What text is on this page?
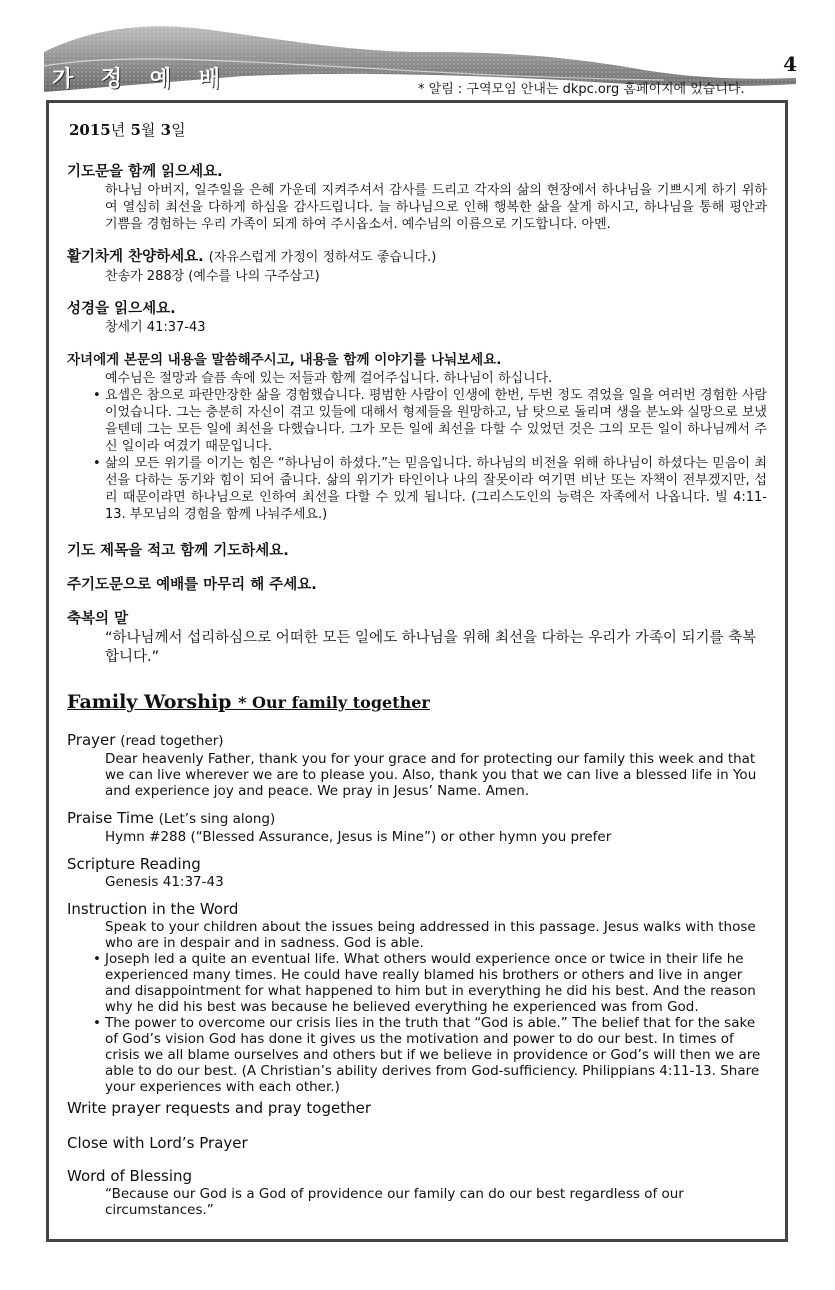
가 정 예 배
4
* 알림 : 구역모임 안내는 dkpc.org 홈페이지에 있습니다.
2015년 5월 3일
기도문을 함께 읽으세요.
하나님 아버지, 일주일을 은혜 가운데 지켜주셔서 감사를 드리고 각자의 삶의 현장에서 하나님을 기쁘시게 하기 위하여 열심히 최선을 다하게 하심을 감사드립니다. 늘 하나님으로 인해 행복한 삶을 살게 하시고, 하나님을 통해 평안과 기쁨을 경험하는 우리 가족이 되게 하여 주시옵소서. 예수님의 이름으로 기도합니다. 아멘.
활기차게 찬양하세요. (자유스럽게 가정이 정하셔도 좋습니다.)
찬송가 288장 (예수를 나의 구주삼고)
성경을 읽으세요.
창세기 41:37-43
자녀에게 본문의 내용을 말씀해주시고, 내용을 함께 이야기를 나눠보세요.
예수님은 절망과 슬픔 속에 있는 저들과 함께 걸어주십니다. 하나님이 하십니다.
• 요셉은 참으로 파란만장한 삶을 경험했습니다. 평범한 사람이 인생에 한번, 두번 정도 겪었을 일을 여러번 경험한 사람이었습니다. 그는 충분히 자신이 겪고 있들에 대해서 형제들을 원망하고, 남 탓으로 돌리며 생을 분노와 실망으로 보냈을텐데 그는 모든 일에 최선을 다했습니다. 그가 모든 일에 최선을 다할 수 있었던 것은 그의 모든 일이 하나님께서 주신 일이라 여겼기 때문입니다.
• 삶의 모든 위기를 이기는 힘은 “하나님이 하셨다.”는 믿음입니다. 하나님의 비전을 위해 하나님이 하셨다는 믿음이 최선을 다하는 동기와 힘이 되어 줍니다. 삶의 위기가 타인이나 나의 잘못이라 여기면 비난 또는 자책이 전부겠지만, 섭리 때문이라면 하나님으로 인하여 최선을 다할 수 있게 됩니다. (그리스도인의 능력은 자족에서 나옵니다. 빌 4:11-13. 부모님의 경험을 함께 나눠주세요.)
기도 제목을 적고 함께 기도하세요.
주기도문으로 예배를 마무리 해 주세요.
축복의 말
“하나님께서 섭리하심으로 어떠한 모든 일에도 하나님을 위해 최선을 다하는 우리가 가족이 되기를 축복합니다.”
Family Worship * Our family together
Prayer (read together)
Dear heavenly Father, thank you for your grace and for protecting our family this week and that we can live wherever we are to please you. Also, thank you that we can live a blessed life in You and experience joy and peace. We pray in Jesus’ Name. Amen.
Praise Time (Let’s sing along)
Hymn #288 (“Blessed Assurance, Jesus is Mine”) or other hymn you prefer
Scripture Reading
Genesis 41:37-43
Instruction in the Word
Speak to your children about the issues being addressed in this passage. Jesus walks with those who are in despair and in sadness. God is able.
• Joseph led a quite an eventual life. What others would experience once or twice in their life he experienced many times. He could have really blamed his brothers or others and live in anger and disappointment for what happened to him but in everything he did his best. And the reason why he did his best was because he believed everything he experienced was from God.
• The power to overcome our crisis lies in the truth that “God is able.” The belief that for the sake of God’s vision God has done it gives us the motivation and power to do our best. In times of crisis we all blame ourselves and others but if we believe in providence or God’s will then we are able to do our best. (A Christian’s ability derives from God-sufficiency. Philippians 4:11-13. Share your experiences with each other.)
Write prayer requests and pray together
Close with Lord’s Prayer
Word of Blessing
“Because our God is a God of providence our family can do our best regardless of our circumstances.”
